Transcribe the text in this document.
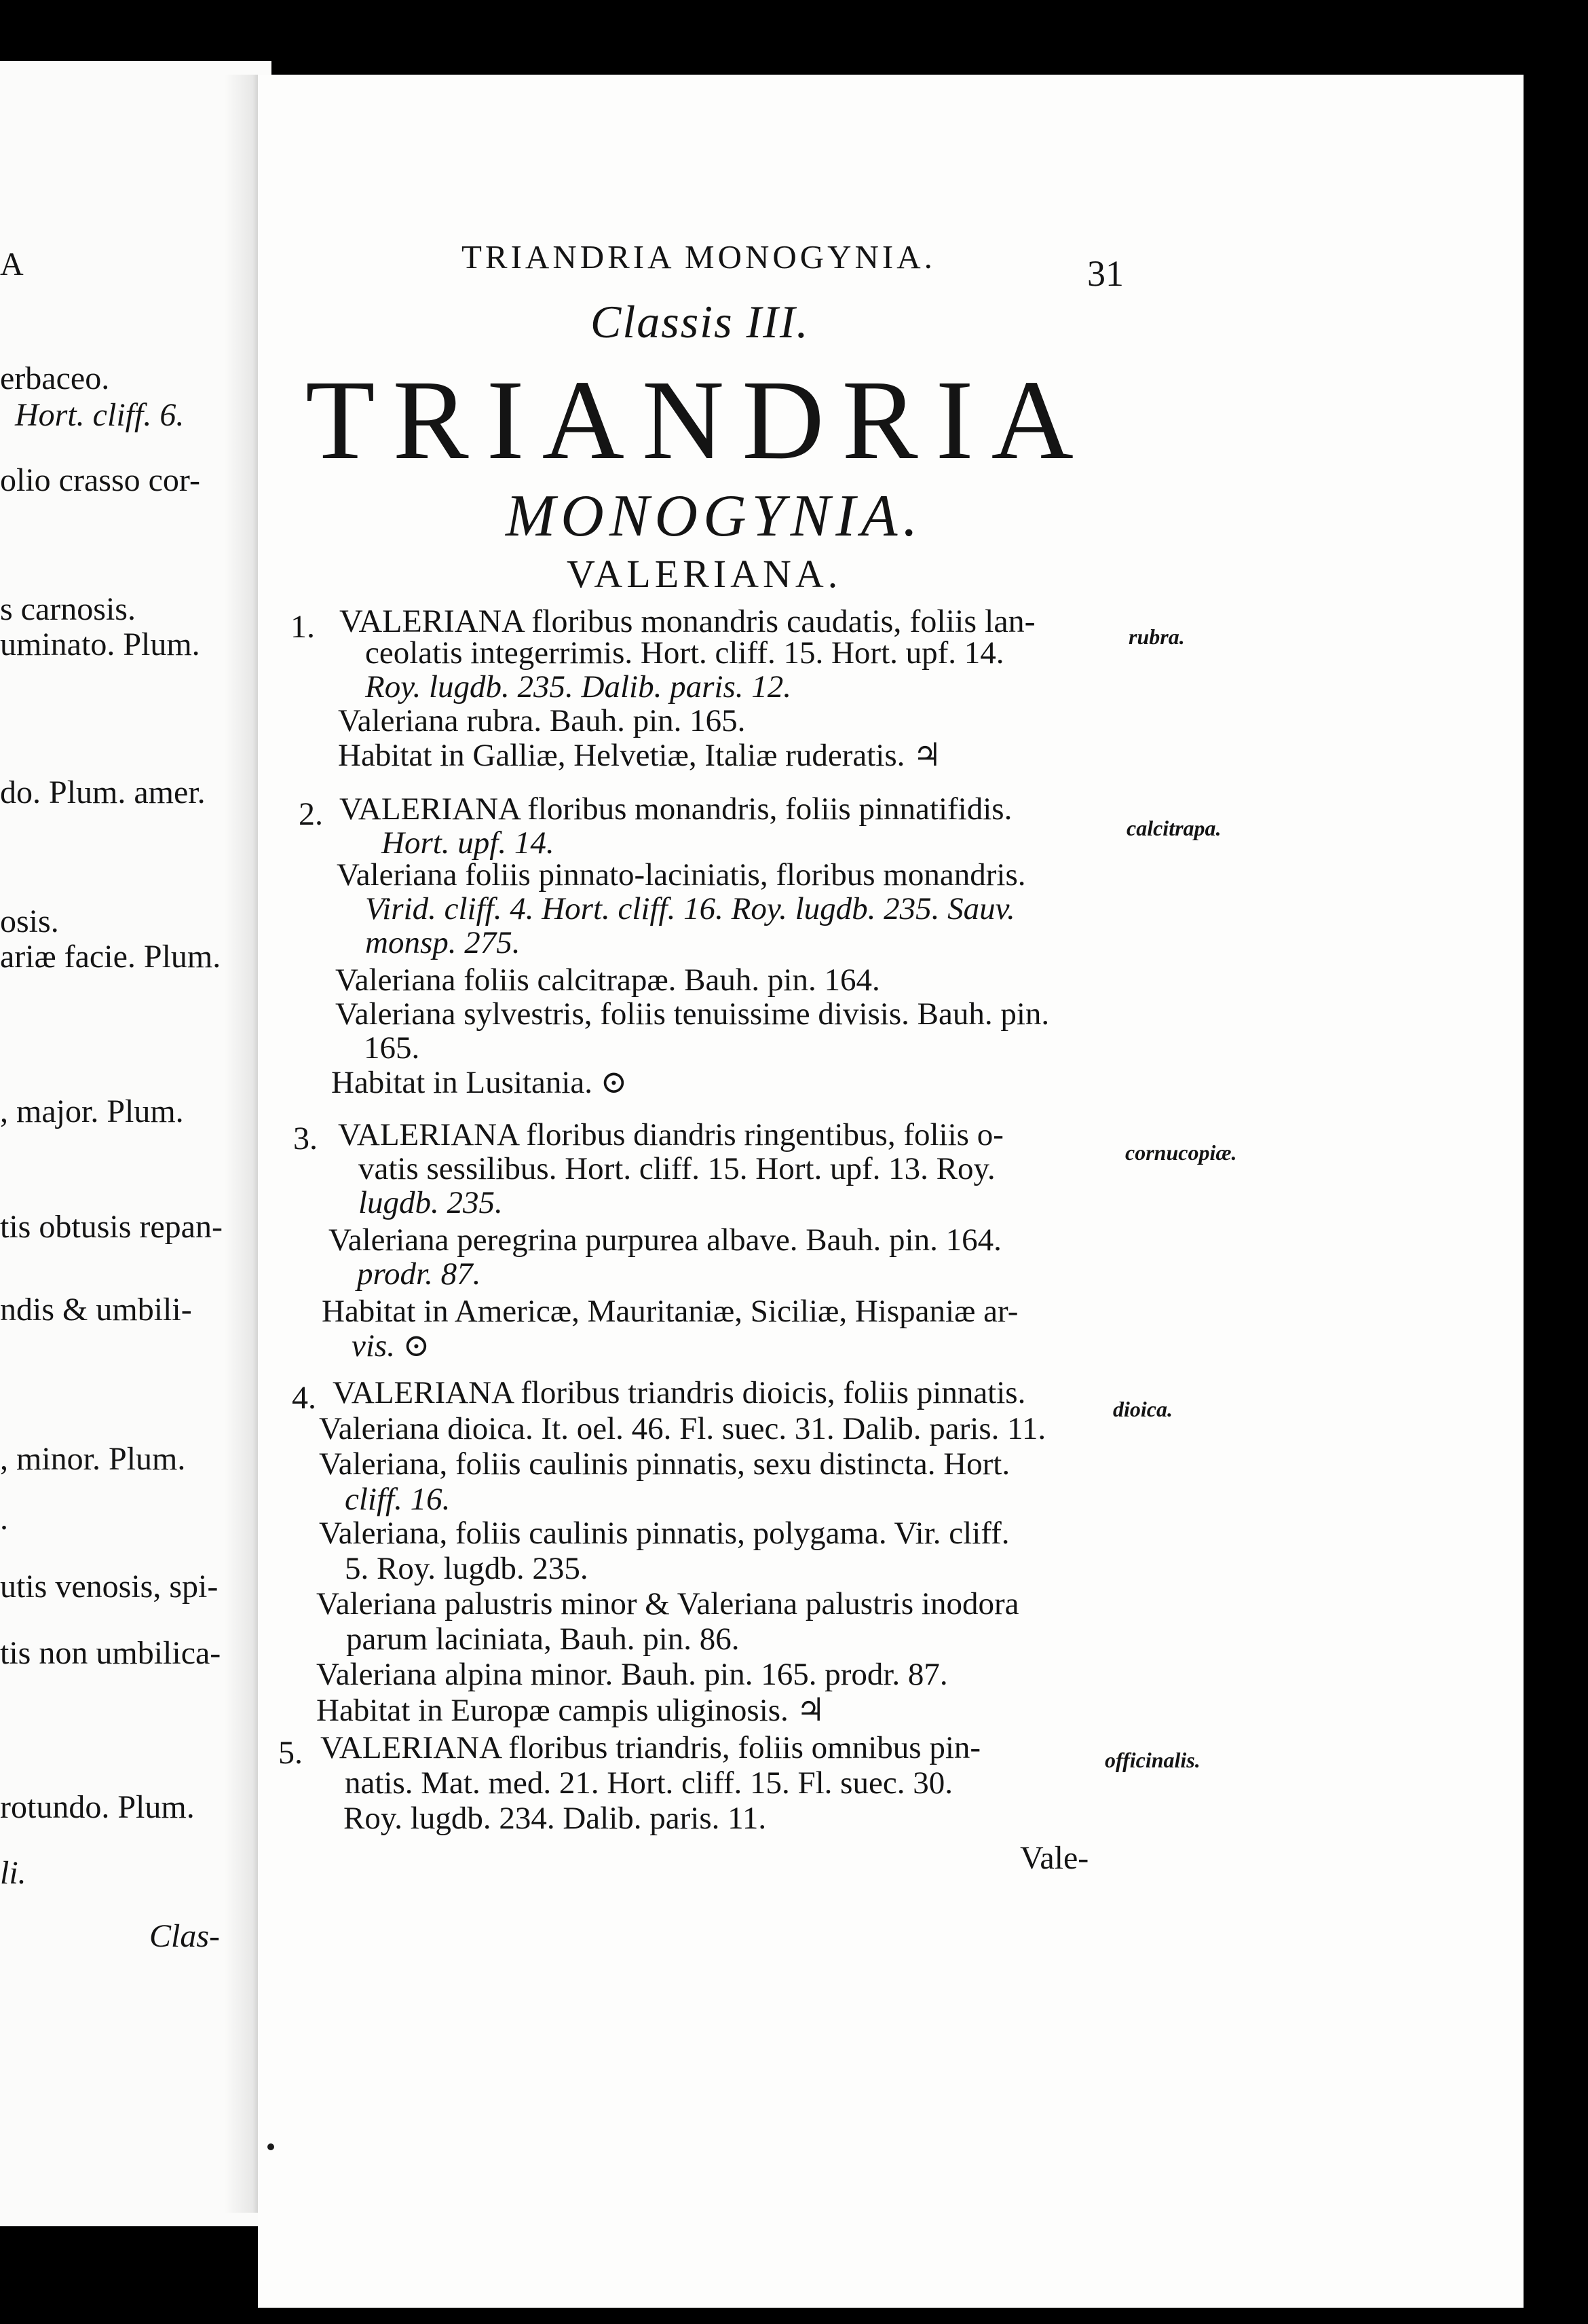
A
erbaceo.
Hort. cliff. 6.
olio crasso cor-
s carnosis.
uminato. Plum.
do. Plum. amer.
osis.
ariæ facie. Plum.
, major. Plum.
tis obtusis repan-
ndis & umbili-
, minor. Plum.
.
utis venosis, spi-
tis non umbilica-
rotundo. Plum.
li.
Clas-
TRIANDRIA MONOGYNIA.	31
Classis III.
TRIANDRIA
MONOGYNIA.
VALERIANA.
1.	rubra.
VALERIANA floribus monandris caudatis, foliis lan-
ceolatis integerrimis. Hort. cliff. 15. Hort. upf. 14.
Roy. lugdb. 235. Dalib. paris. 12.
Valeriana rubra. Bauh. pin. 165.
Habitat in Galliæ, Helvetiæ, Italiæ ruderatis. ♃
2.	calcitrapa.
VALERIANA floribus monandris, foliis pinnatifidis.
Hort. upf. 14.
Valeriana foliis pinnato-laciniatis, floribus monandris.
Virid. cliff. 4. Hort. cliff. 16. Roy. lugdb. 235. Sauv.
monsp. 275.
Valeriana foliis calcitrapæ. Bauh. pin. 164.
Valeriana sylvestris, foliis tenuissime divisis. Bauh. pin.
165.
Habitat in Lusitania. ⊙
3.	cornucopiæ.
VALERIANA floribus diandris ringentibus, foliis o-
vatis sessilibus. Hort. cliff. 15. Hort. upf. 13. Roy.
lugdb. 235.
Valeriana peregrina purpurea albave. Bauh. pin. 164.
prodr. 87.
Habitat in Americæ, Mauritaniæ, Siciliæ, Hispaniæ ar-
vis. ⊙
4.	dioica.
VALERIANA floribus triandris dioicis, foliis pinnatis.
Valeriana dioica. It. oel. 46. Fl. suec. 31. Dalib. paris. 11.
Valeriana, foliis caulinis pinnatis, sexu distincta. Hort.
cliff. 16.
Valeriana, foliis caulinis pinnatis, polygama. Vir. cliff.
5. Roy. lugdb. 235.
Valeriana palustris minor & Valeriana palustris inodora
parum laciniata, Bauh. pin. 86.
Valeriana alpina minor. Bauh. pin. 165. prodr. 87.
Habitat in Europæ campis uliginosis. ♃
5.	officinalis.
VALERIANA floribus triandris, foliis omnibus pin-
natis. Mat. med. 21. Hort. cliff. 15. Fl. suec. 30.
Roy. lugdb. 234. Dalib. paris. 11.
Vale-
